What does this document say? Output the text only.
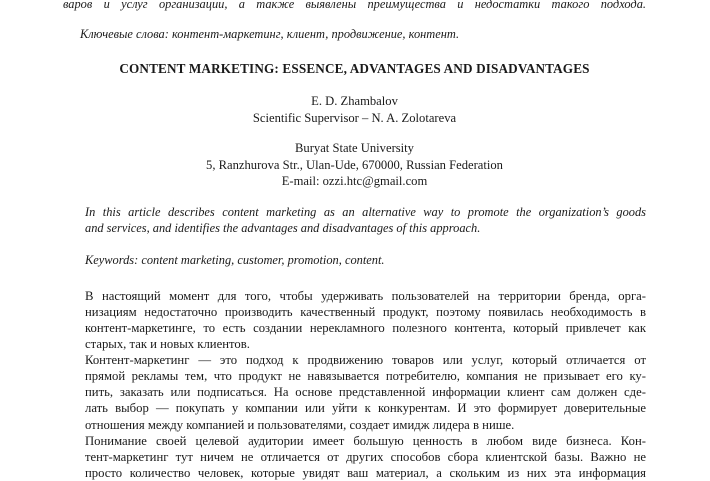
варов и услуг организации, а также выявлены преимущества и недостатки такого подхода.
Ключевые слова: контент-маркетинг, клиент, продвижение, контент.
CONTENT MARKETING: ESSENCE, ADVANTAGES AND DISADVANTAGES
E. D. Zhambalov
Scientific Supervisor – N. A. Zolotareva
Buryat State University
5, Ranzhurova Str., Ulan-Ude, 670000, Russian Federation
E-mail: ozzi.htc@gmail.com
In this article describes content marketing as an alternative way to promote the organization’s goods
and services, and identifies the advantages and disadvantages of this approach.
Keywords: content marketing, customer, promotion, content.
В настоящий момент для того, чтобы удерживать пользователей на территории бренда, орга-
низациям недостаточно производить качественный продукт, поэтому появилась необходимость в
контент-маркетинге, то есть создании нерекламного полезного контента, который привлечет как
старых, так и новых клиентов.
Контент-маркетинг — это подход к продвижению товаров или услуг, который отличается от
прямой рекламы тем, что продукт не навязывается потребителю, компания не призывает его ку-
пить, заказать или подписаться. На основе представленной информации клиент сам должен сде-
лать выбор — покупать у компании или уйти к конкурентам. И это формирует доверительные
отношения между компанией и пользователями, создает имидж лидера в нише.
Понимание своей целевой аудитории имеет большую ценность в любом виде бизнеса. Кон-
тент-маркетинг тут ничем не отличается от других способов сбора клиентской базы. Важно не
просто количество человек, которые увидят ваш материал, а скольким из них эта информация
